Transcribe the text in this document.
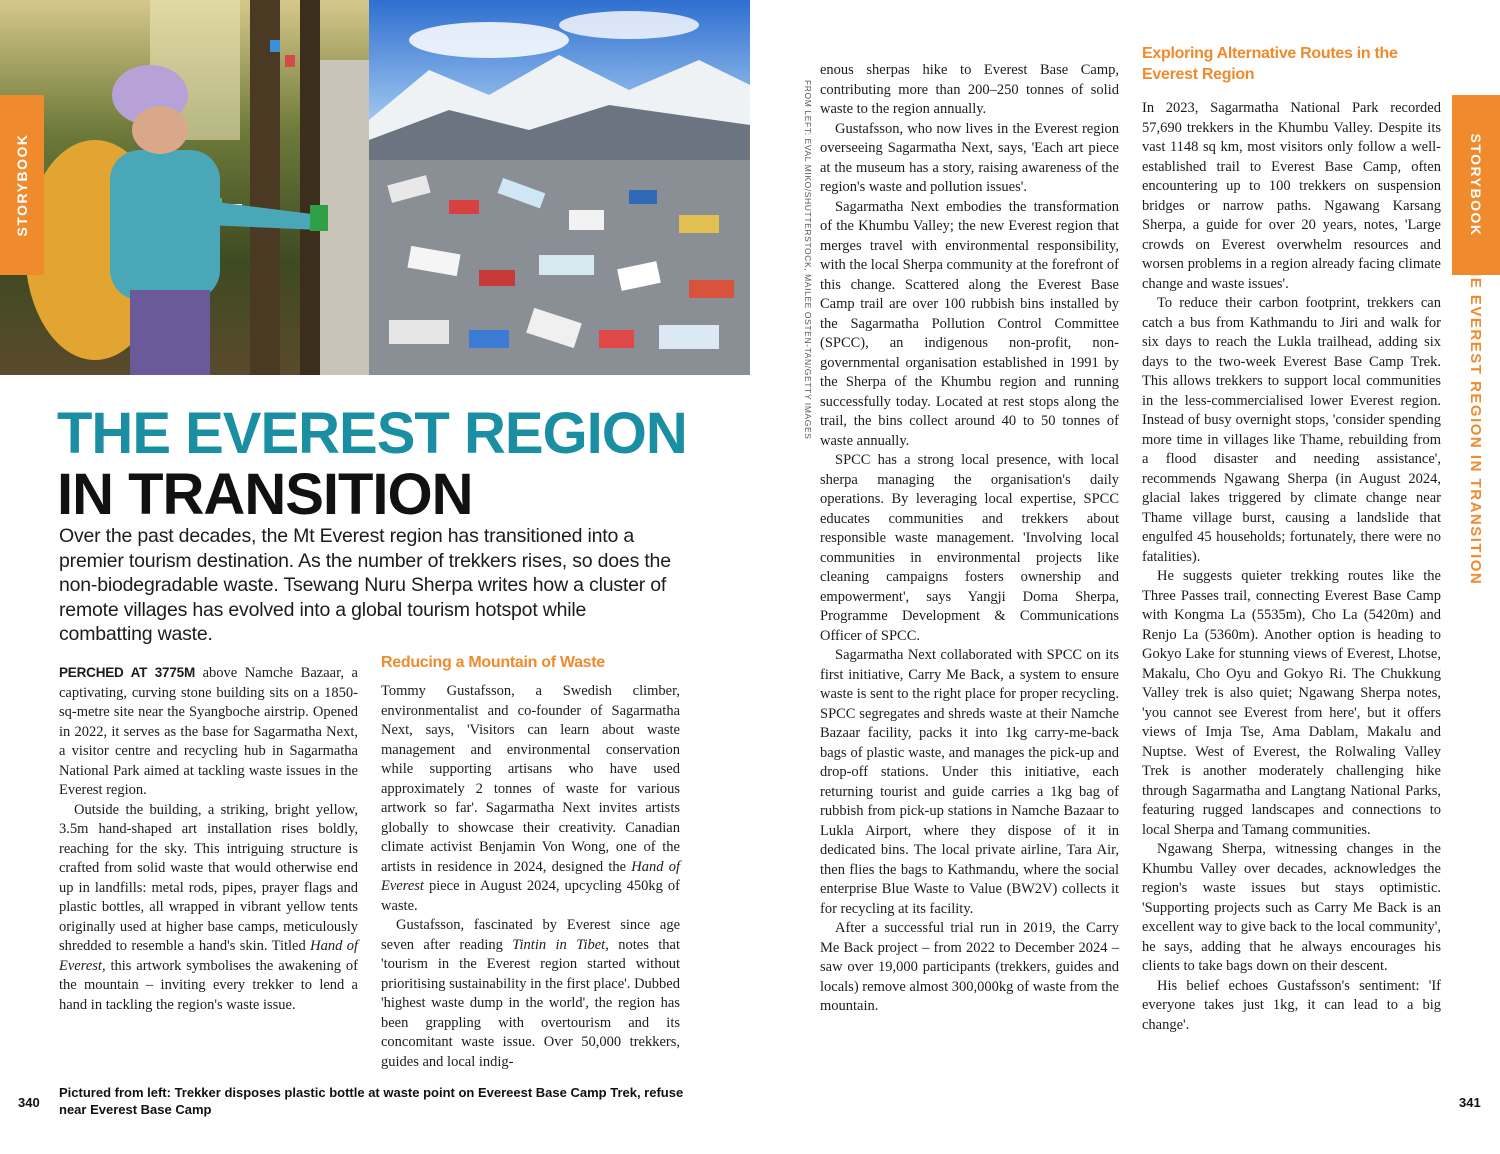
STORYBOOK	STORYBOOK
THE EVEREST REGION IN TRANSITION
FROM LEFT: EVAL MIKO/SHUTTERSTOCK, MAILEE OSTEN-TAN/GETTY IMAGES
THE EVEREST REGION
IN TRANSITION
Over the past decades, the Mt Everest region has transitioned into a premier tourism destination. As the number of trekkers rises, so does the non-biodegradable waste. Tsewang Nuru Sherpa writes how a cluster of remote villages has evolved into a global tourism hotspot while combatting waste.

PERCHED AT 3775M above Namche Bazaar, a captivating, curving stone building sits on a 1850-sq-metre site near the Syangboche airstrip. Opened in 2022, it serves as the base for Sagarmatha Next, a visitor centre and recycling hub in Sagarmatha National Park aimed at tackling waste issues in the Everest region.

Outside the building, a striking, bright yellow, 3.5m hand-shaped art installation rises boldly, reaching for the sky. This intriguing structure is crafted from solid waste that would otherwise end up in landfills: metal rods, pipes, prayer flags and plastic bottles, all wrapped in vibrant yellow tents originally used at higher base camps, meticulously shredded to resemble a hand's skin. Titled Hand of Everest, this artwork symbolises the awakening of the mountain – inviting every trekker to lend a hand in tackling the region's waste issue.

Reducing a Mountain of Waste

Tommy Gustafsson, a Swedish climber, environmentalist and co-founder of Sagarmatha Next, says, 'Visitors can learn about waste management and environmental conservation while supporting artisans who have used approximately 2 tonnes of waste for various artwork so far'. Sagarmatha Next invites artists globally to showcase their creativity. Canadian climate activist Benjamin Von Wong, one of the artists in residence in 2024, designed the Hand of Everest piece in August 2024, upcycling 450kg of waste.

Gustafsson, fascinated by Everest since age seven after reading Tintin in Tibet, notes that 'tourism in the Everest region started without prioritising sustainability in the first place'. Dubbed 'highest waste dump in the world', the region has been grappling with overtourism and its concomitant waste issue. Over 50,000 trekkers, guides and local indig-

enous sherpas hike to Everest Base Camp, contributing more than 200–250 tonnes of solid waste to the region annually.

Gustafsson, who now lives in the Everest region overseeing Sagarmatha Next, says, 'Each art piece at the museum has a story, raising awareness of the region's waste and pollution issues'.

Sagarmatha Next embodies the transformation of the Khumbu Valley; the new Everest region that merges travel with environmental responsibility, with the local Sherpa community at the forefront of this change. Scattered along the Everest Base Camp trail are over 100 rubbish bins installed by the Sagarmatha Pollution Control Committee (SPCC), an indigenous non-profit, non-governmental organisation established in 1991 by the Sherpa of the Khumbu region and running successfully today. Located at rest stops along the trail, the bins collect around 40 to 50 tonnes of waste annually.

SPCC has a strong local presence, with local sherpa managing the organisation's daily operations. By leveraging local expertise, SPCC educates communities and trekkers about responsible waste management. 'Involving local communities in environmental projects like cleaning campaigns fosters ownership and empowerment', says Yangji Doma Sherpa, Programme Development & Communications Officer of SPCC.

Sagarmatha Next collaborated with SPCC on its first initiative, Carry Me Back, a system to ensure waste is sent to the right place for proper recycling. SPCC segregates and shreds waste at their Namche Bazaar facility, packs it into 1kg carry-me-back bags of plastic waste, and manages the pick-up and drop-off stations. Under this initiative, each returning tourist and guide carries a 1kg bag of rubbish from pick-up stations in Namche Bazaar to Lukla Airport, where they dispose of it in dedicated bins. The local private airline, Tara Air, then flies the bags to Kathmandu, where the social enterprise Blue Waste to Value (BW2V) collects it for recycling at its facility.

After a successful trial run in 2019, the Carry Me Back project – from 2022 to December 2024 – saw over 19,000 participants (trekkers, guides and locals) remove almost 300,000kg of waste from the mountain.

Exploring Alternative Routes in the Everest Region

In 2023, Sagarmatha National Park recorded 57,690 trekkers in the Khumbu Valley. Despite its vast 1148 sq km, most visitors only follow a well-established trail to Everest Base Camp, often encountering up to 100 trekkers on suspension bridges or narrow paths. Ngawang Karsang Sherpa, a guide for over 20 years, notes, 'Large crowds on Everest overwhelm resources and worsen problems in a region already facing climate change and waste issues'.

To reduce their carbon footprint, trekkers can catch a bus from Kathmandu to Jiri and walk for six days to reach the Lukla trailhead, adding six days to the two-week Everest Base Camp Trek. This allows trekkers to support local communities in the less-commercialised lower Everest region. Instead of busy overnight stops, 'consider spending more time in villages like Thame, rebuilding from a flood disaster and needing assistance', recommends Ngawang Sherpa (in August 2024, glacial lakes triggered by climate change near Thame village burst, causing a landslide that engulfed 45 households; fortunately, there were no fatalities).

He suggests quieter trekking routes like the Three Passes trail, connecting Everest Base Camp with Kongma La (5535m), Cho La (5420m) and Renjo La (5360m). Another option is heading to Gokyo Lake for stunning views of Everest, Lhotse, Makalu, Cho Oyu and Gokyo Ri. The Chukkung Valley trek is also quiet; Ngawang Sherpa notes, 'you cannot see Everest from here', but it offers views of Imja Tse, Ama Dablam, Makalu and Nuptse. West of Everest, the Rolwaling Valley Trek is another moderately challenging hike through Sagarmatha and Langtang National Parks, featuring rugged landscapes and connections to local Sherpa and Tamang communities.

Ngawang Sherpa, witnessing changes in the Khumbu Valley over decades, acknowledges the region's waste issues but stays optimistic. 'Supporting projects such as Carry Me Back is an excellent way to give back to the local community', he says, adding that he always encourages his clients to take bags down on their descent.

His belief echoes Gustafsson's sentiment: 'If everyone takes just 1kg, it can lead to a big change'.

Pictured from left: Trekker disposes plastic bottle at waste point on Evereest Base Camp Trek, refuse near Everest Base Camp
340	341
